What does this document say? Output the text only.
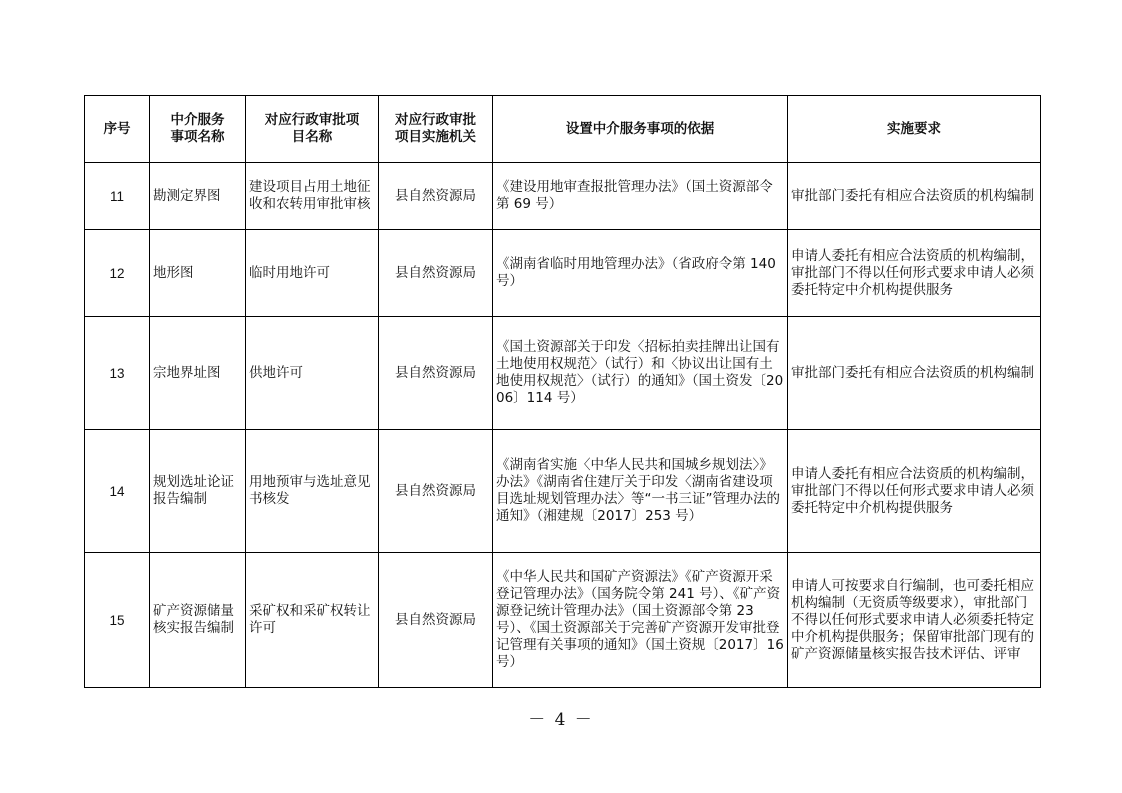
序号	中介服务事项名称	对应行政审批项目名称	对应行政审批项目实施机关	设置中介服务事项的依据	实施要求
11	勘测定界图	建设项目占用土地征收和农转用审批审核	县自然资源局	《建设用地审查报批管理办法》（国土资源部令第 69 号）	审批部门委托有相应合法资质的机构编制
12	地形图	临时用地许可	县自然资源局	《湖南省临时用地管理办法》（省政府令第 140 号）	申请人委托有相应合法资质的机构编制，审批部门不得以任何形式要求申请人必须委托特定中介机构提供服务
13	宗地界址图	供地许可	县自然资源局	《国土资源部关于印发〈招标拍卖挂牌出让国有土地使用权规范〉（试行）和〈协议出让国有土地使用权规范〉（试行）的通知》（国土资发〔2006〕114 号）	审批部门委托有相应合法资质的机构编制
14	规划选址论证报告编制	用地预审与选址意见书核发	县自然资源局	《湖南省实施〈中华人民共和国城乡规划法〉》办法》《湖南省住建厅关于印发〈湖南省建设项目选址规划管理办法〉等“一书三证”管理办法的通知》（湘建规〔2017〕253 号）	申请人委托有相应合法资质的机构编制，审批部门不得以任何形式要求申请人必须委托特定中介机构提供服务
15	矿产资源储量核实报告编制	采矿权和采矿权转让许可	县自然资源局	《中华人民共和国矿产资源法》《矿产资源开采登记管理办法》（国务院令第 241 号）、《矿产资源登记统计管理办法》（国土资源部令第 23 号）、《国土资源部关于完善矿产资源开发审批登记管理有关事项的通知》（国土资规〔2017〕16 号）	申请人可按要求自行编制，也可委托相应机构编制（无资质等级要求），审批部门不得以任何形式要求申请人必须委托特定中介机构提供服务；保留审批部门现有的矿产资源储量核实报告技术评估、评审
－ 4 －
